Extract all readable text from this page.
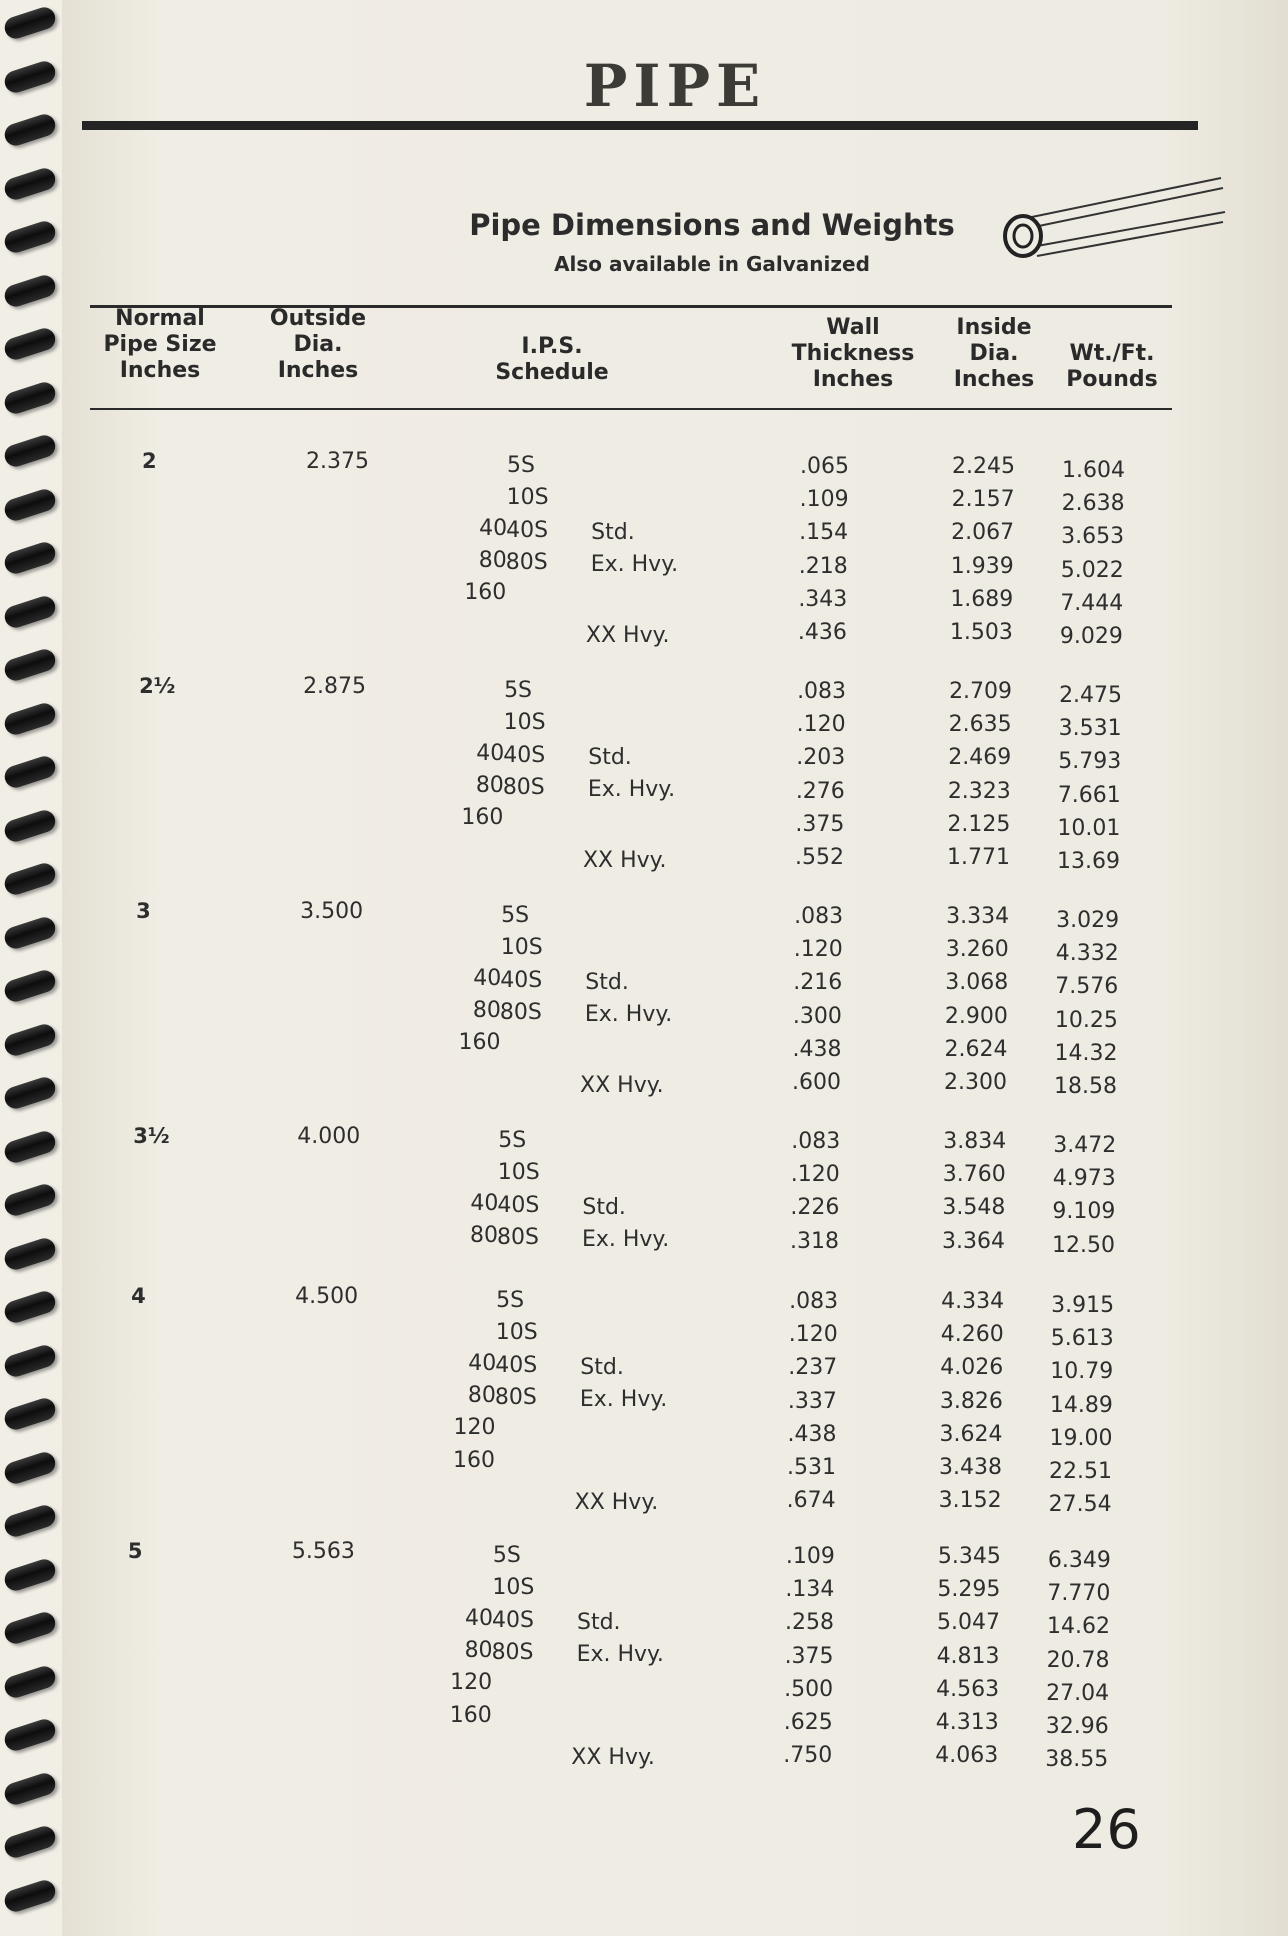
PIPE
Pipe Dimensions and Weights
Also available in Galvanized
Normal
Pipe Size
Inches
Outside
Dia.
Inches
I.P.S.
Schedule
Wall
Thickness
Inches
Inside
Dia.
Inches
Wt./Ft.
Pounds
2	2.375	5S	.065	2.245	1.604
10S	.109	2.157	2.638
40 40S	Std.	.154	2.067	3.653
80 80S	Ex. Hvy.	.218	1.939	5.022
160	.343	1.689	7.444
XX Hvy.	.436	1.503	9.029
2½	2.875	5S	.083	2.709	2.475
10S	.120	2.635	3.531
40 40S	Std.	.203	2.469	5.793
80 80S	Ex. Hvy.	.276	2.323	7.661
160	.375	2.125	10.01
XX Hvy.	.552	1.771	13.69
3	3.500	5S	.083	3.334	3.029
10S	.120	3.260	4.332
40 40S	Std.	.216	3.068	7.576
80 80S	Ex. Hvy.	.300	2.900	10.25
160	.438	2.624	14.32
XX Hvy.	.600	2.300	18.58
3½	4.000	5S	.083	3.834	3.472
10S	.120	3.760	4.973
40 40S	Std.	.226	3.548	9.109
80 80S	Ex. Hvy.	.318	3.364	12.50
4	4.500	5S	.083	4.334	3.915
10S	.120	4.260	5.613
40 40S	Std.	.237	4.026	10.79
80 80S	Ex. Hvy.	.337	3.826	14.89
120	.438	3.624	19.00
160	.531	3.438	22.51
XX Hvy.	.674	3.152	27.54
5	5.563	5S	.109	5.345	6.349
10S	.134	5.295	7.770
40 40S	Std.	.258	5.047	14.62
80 80S	Ex. Hvy.	.375	4.813	20.78
120	.500	4.563	27.04
160	.625	4.313	32.96
XX Hvy.	.750	4.063	38.55
26
